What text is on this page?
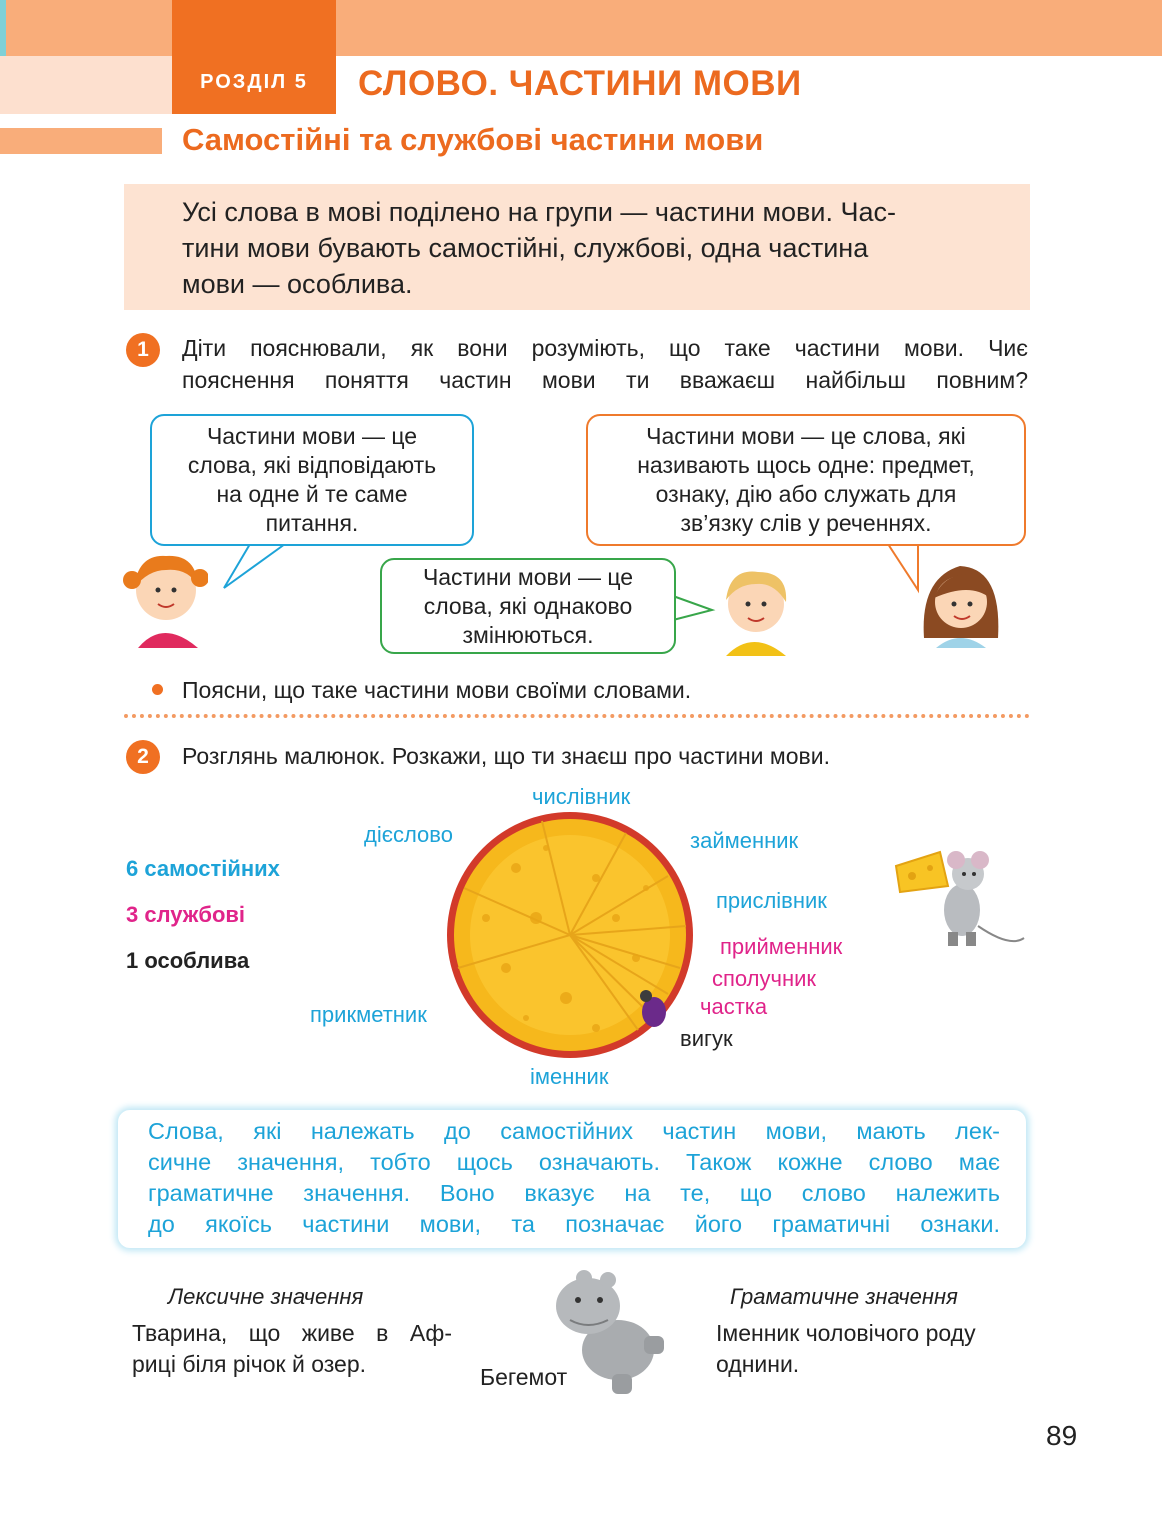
РОЗДІЛ 5	СЛОВО. ЧАСТИНИ МОВИ
Самостійні та службові частини мови
Усі слова в мові поділено на групи — частини мови. Час-
тини мови бувають самостійні, службові, одна частина
мови — особлива.
1	Діти пояснювали, як вони розуміють, що таке частини мови. Чиє
пояснення поняття частин мови ти вважаєш найбільш повним?
Частини мови — це
слова, які відповідають
на одне й те саме
питання.
Частини мови — це слова, які
називають щось одне: предмет,
ознаку, дію або служать для
зв’язку слів у реченнях.
Частини мови — це
слова, які однаково
змінюються.
Поясни, що таке частини мови своїми словами.
2	Розглянь малюнок. Розкажи, що ти знаєш про частини мови.
6 самостійних
3 службові
1 особлива
числівник
дієслово	займенник
прислівник
прийменник
сполучник
частка
вигук
прикметник
іменник
Слова, які належать до самостійних частин мови, мають лек-
сичне значення, тобто щось означають. Також кожне слово має
граматичне значення. Воно вказує на те, що слово належить
до якоїсь частини мови, та позначає його граматичні ознаки.
Лексичне значення
Тварина, що живе в Аф-
риці біля річок й озер.	Бегемот
Граматичне значення
Іменник чоловічого роду
однини.
89
